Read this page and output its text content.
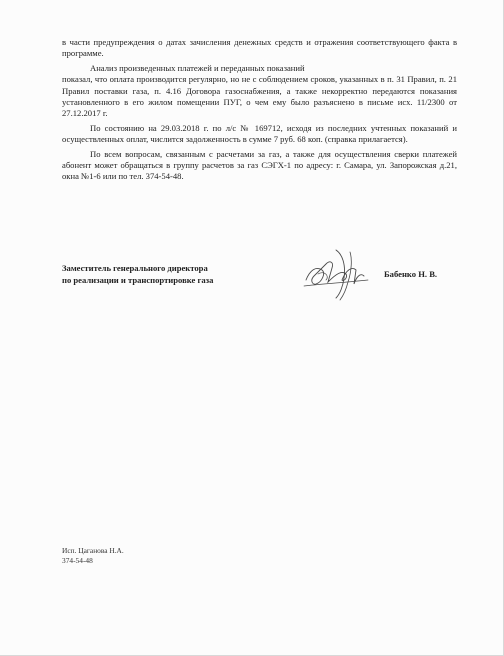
в части предупреждения о датах зачисления денежных средств и отражения соответствующего факта в программе.

Анализ произведенных платежей и переданных показаний

показал, что оплата производится регулярно, но не с соблюдением сроков, указанных в п. 31 Правил, п. 21 Правил поставки газа, п. 4.16 Договора газоснабжения, а также некорректно передаются показания установленного в его жилом помещении ПУГ, о чем ему было разъяснено в письме исх. 11/2300 от 27.12.2017 г.

По состоянию на 29.03.2018 г. по л/с № 169712, исходя из последних учтенных показаний и осуществленных оплат, числится задолженность в сумме 7 руб. 68 коп. (справка прилагается).

По всем вопросам, связанным с расчетами за газ, а также для осуществления сверки платежей абонент может обращаться в группу расчетов за газ СЭГХ-1 по адресу: г. Самара, ул. Запорожская д.21, окна №1-6 или по тел. 374-54-48.

Заместитель генерального директора
по реализации и транспортировке газа
Бабенко Н. В.
Исп. Цаганова Н.А.
374-54-48
